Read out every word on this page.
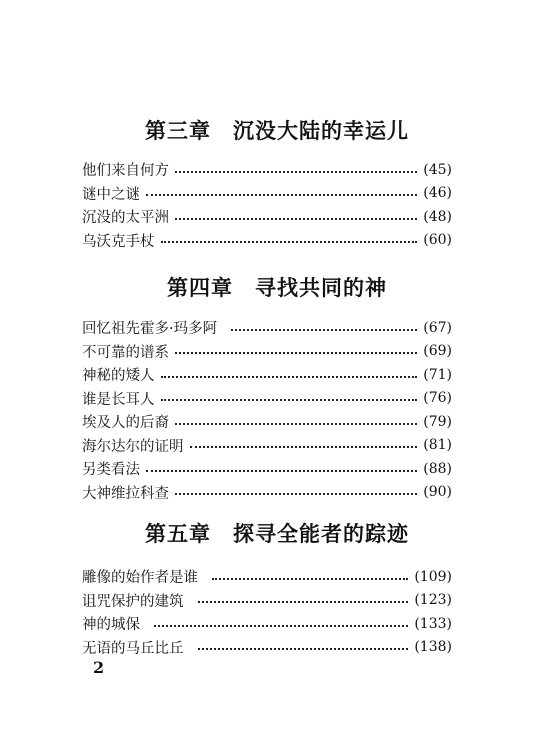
第三章　沉没大陆的幸运儿
他们来自何方	(45)
谜中之谜	(46)
沉没的太平洲	(48)
乌沃克手杖	(60)
第四章　寻找共同的神
回忆祖先霍多·玛多阿	(67)
不可靠的谱系	(69)
神秘的矮人	(71)
谁是长耳人	(76)
埃及人的后裔	(79)
海尔达尔的证明	(81)
另类看法	(88)
大神维拉科查	(90)
第五章　探寻全能者的踪迹
雕像的始作者是谁	(109)
诅咒保护的建筑	(123)
神的城保	(133)
无语的马丘比丘	(138)
2
